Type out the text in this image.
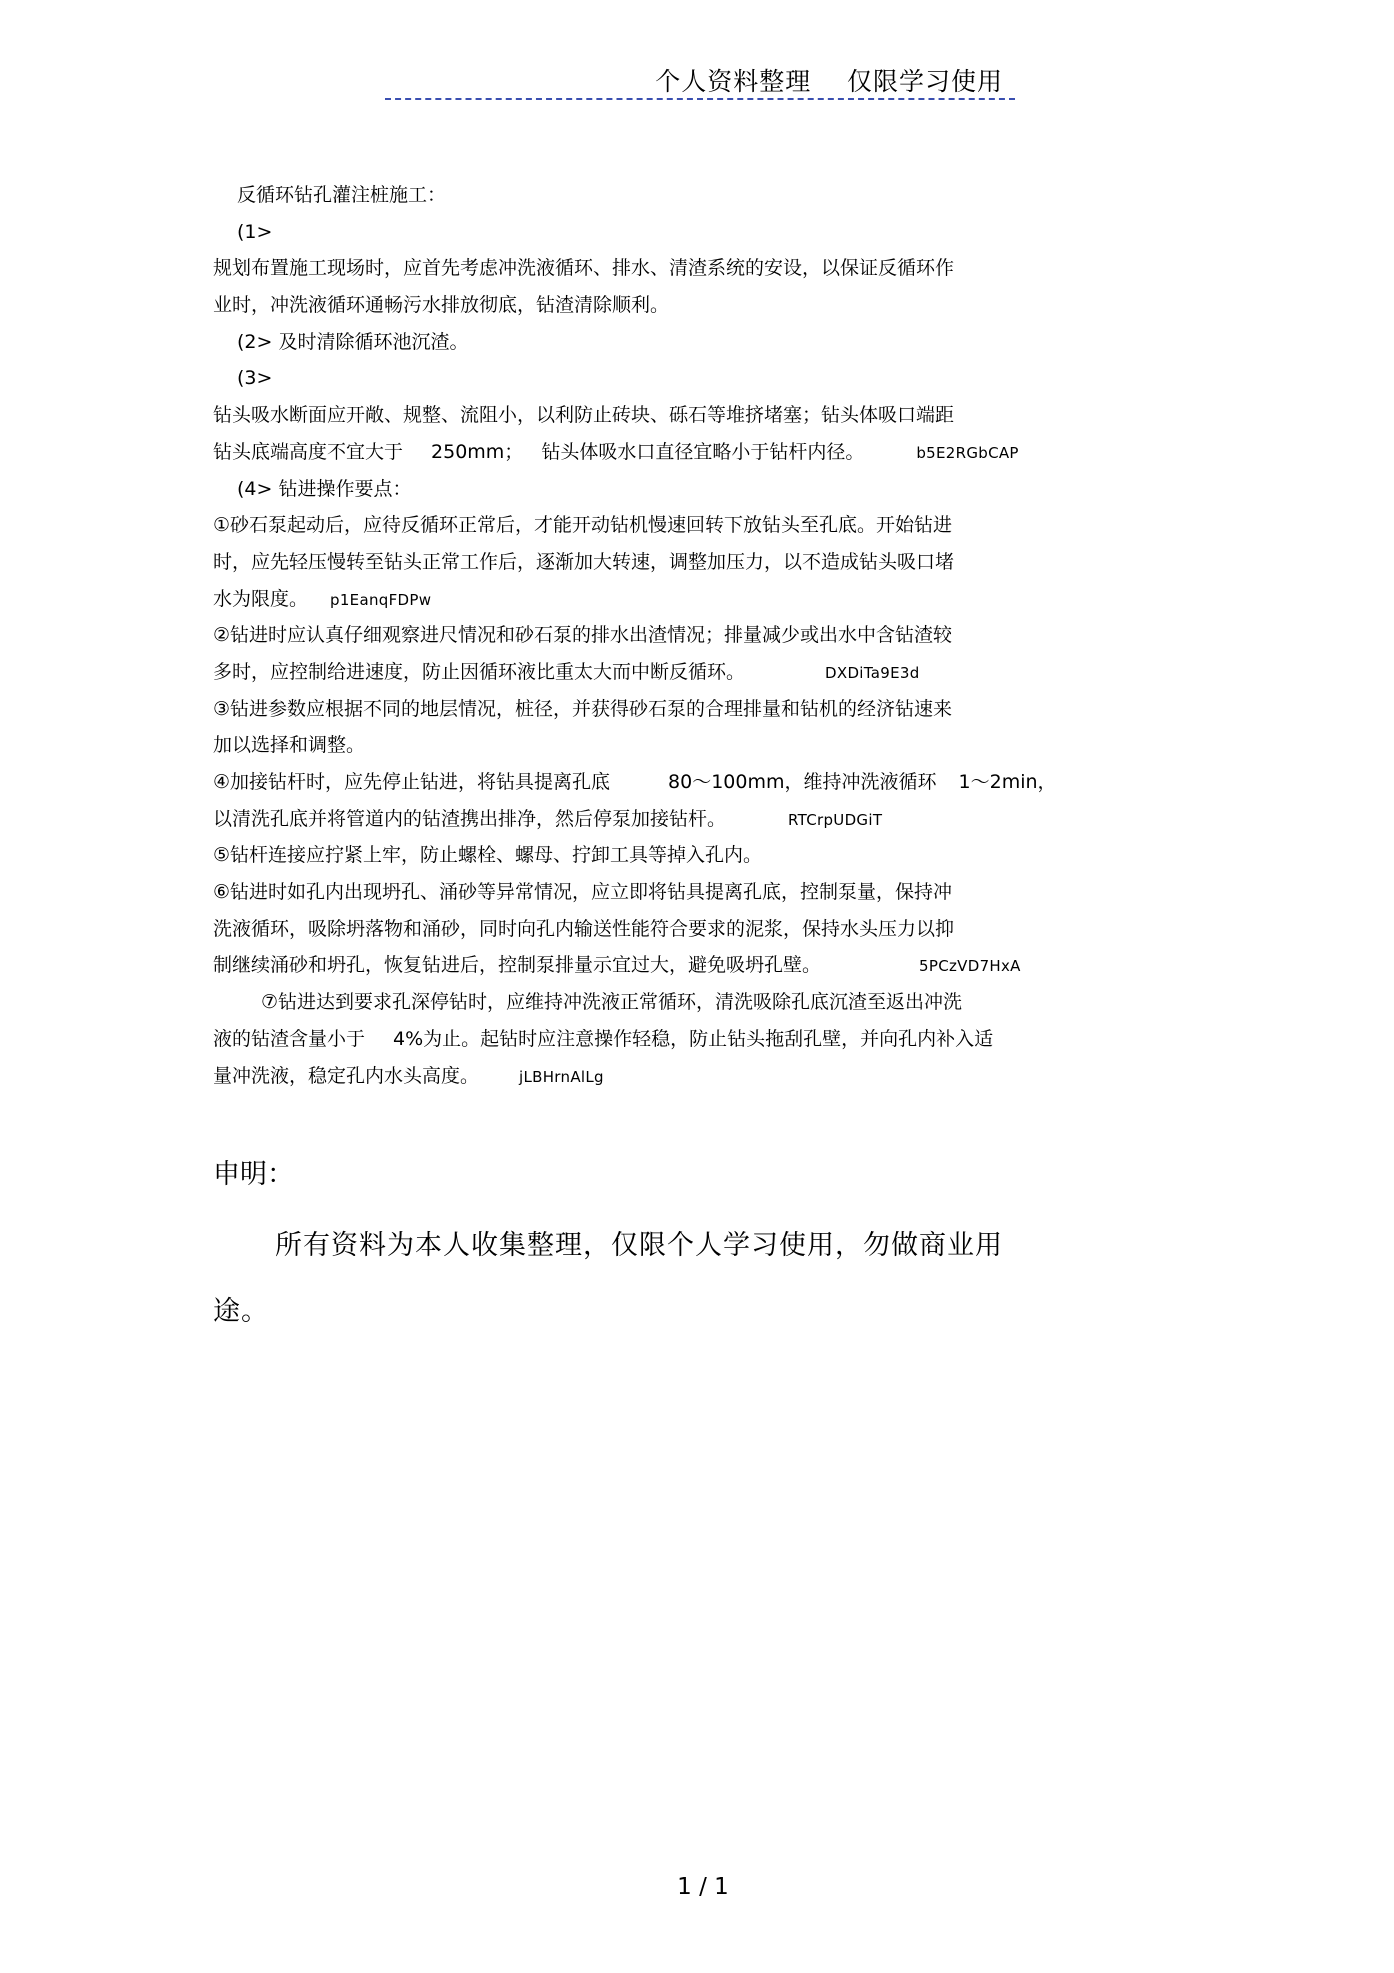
个人资料整理    仅限学习使用
反循环钻孔灌注桩施工：
(1>
规划布置施工现场时，应首先考虑冲洗液循环、排水、清渣系统的安设，以保证反循环作
业时，冲洗液循环通畅污水排放彻底，钻渣清除顺利。
(2> 及时清除循环池沉渣。
(3>
钻头吸水断面应开敞、规整、流阻小，以利防止砖块、砾石等堆挤堵塞；钻头体吸口端距
钻头底端高度不宜大于 250mm； 钻头体吸水口直径宜略小于钻杆内径。	b5E2RGbCAP
(4> 钻进操作要点：
①砂石泵起动后，应待反循环正常后，才能开动钻机慢速回转下放钻头至孔底。开始钻进
时，应先轻压慢转至钻头正常工作后，逐渐加大转速，调整加压力，以不造成钻头吸口堵
水为限度。 p1EanqFDPw
②钻进时应认真仔细观察进尺情况和砂石泵的排水出渣情况；排量减少或出水中含钻渣较
多时，应控制给进速度，防止因循环液比重太大而中断反循环。	DXDiTa9E3d
③钻进参数应根据不同的地层情况，桩径，并获得砂石泵的合理排量和钻机的经济钻速来
加以选择和调整。
④加接钻杆时，应先停止钻进，将钻具提离孔底	80～100mm，维持冲洗液循环 1～2min，
以清洗孔底并将管道内的钻渣携出排净，然后停泵加接钻杆。	RTCrpUDGiT
⑤钻杆连接应拧紧上牢，防止螺栓、螺母、拧卸工具等掉入孔内。
⑥钻进时如孔内出现坍孔、涌砂等异常情况，应立即将钻具提离孔底，控制泵量，保持冲
洗液循环，吸除坍落物和涌砂，同时向孔内输送性能符合要求的泥浆，保持水头压力以抑
制继续涌砂和坍孔，恢复钻进后，控制泵排量示宜过大，避免吸坍孔壁。	5PCzVD7HxA
⑦钻进达到要求孔深停钻时，应维持冲洗液正常循环，清洗吸除孔底沉渣至返出冲洗
液的钻渣含量小于 4%为止。起钻时应注意操作轻稳，防止钻头拖刮孔壁，并向孔内补入适
量冲洗液，稳定孔内水头高度。	jLBHrnAlLg
申明：
所有资料为本人收集整理，仅限个人学习使用，勿做商业用
途。
1 / 1
